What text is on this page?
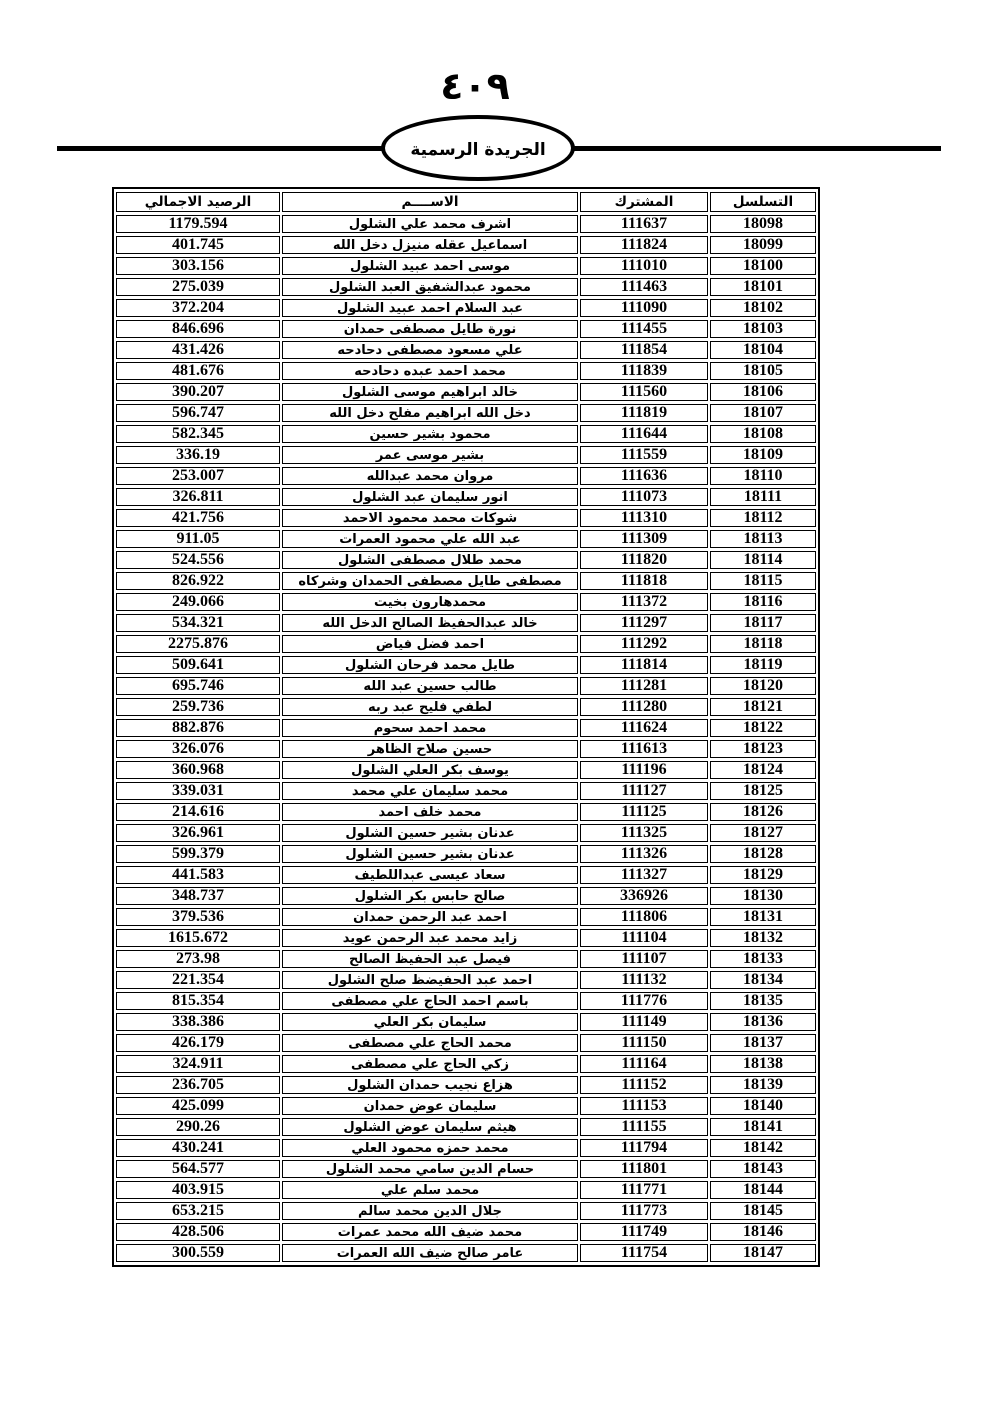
٤٠٩
الجريدة الرسمية
التسلسل	المشترك	الاســــم	الرصيد الاجمالي
18098	111637	اشرف محمد علي الشلول	1179.594
18099	111824	اسماعيل عقله منيزل دخل الله	401.745
18100	111010	موسى احمد عبيد الشلول	303.156
18101	111463	محمود عبدالشفيق العبد الشلول	275.039
18102	111090	عبد السلام احمد عبيد الشلول	372.204
18103	111455	نورة طايل مصطفى حمدان	846.696
18104	111854	علي مسعود مصطفى دحادحه	431.426
18105	111839	محمد احمد عبده دحادحه	481.676
18106	111560	خالد ابراهيم موسى الشلول	390.207
18107	111819	دخل الله ابراهيم مفلح دخل الله	596.747
18108	111644	محمود بشير حسين	582.345
18109	111559	بشير موسى عمر	336.19
18110	111636	مروان محمد عبدالله	253.007
18111	111073	انور سليمان عبد الشلول	326.811
18112	111310	شوكات محمد محمود الاحمد	421.756
18113	111309	عبد الله علي محمود العمرات	911.05
18114	111820	محمد طلال مصطفى الشلول	524.556
18115	111818	مصطفى طايل مصطفى الحمدان وشركاه	826.922
18116	111372	محمدهارون بخيت	249.066
18117	111297	خالد عبدالحفيظ الصالح الدخل الله	534.321
18118	111292	احمد فضل فياض	2275.876
18119	111814	طايل محمد فرحان الشلول	509.641
18120	111281	طالب حسين عبد الله	695.746
18121	111280	لطفي فليح عبد ربه	259.736
18122	111624	محمد احمد سحوم	882.876
18123	111613	حسين صلاح الظاهر	326.076
18124	111196	يوسف بكر العلي الشلول	360.968
18125	111127	محمد سليمان علي محمد	339.031
18126	111125	محمد خلف احمد	214.616
18127	111325	عدنان بشير حسين الشلول	326.961
18128	111326	عدنان بشير حسين الشلول	599.379
18129	111327	سعاد عيسى عبداللطيف	441.583
18130	336926	صالح حابس بكر الشلول	348.737
18131	111806	احمد عبد الرحمن حمدان	379.536
18132	111104	زايد محمد عبد الرحمن عويد	1615.672
18133	111107	فيصل عبد الحفيظ الصالح	273.98
18134	111132	احمد عبد الحفيضظ صلح الشلول	221.354
18135	111776	باسم احمد الحاج علي مصطفى	815.354
18136	111149	سليمان بكر العلي	338.386
18137	111150	محمد الحاج علي مصطفى	426.179
18138	111164	زكي الحاج علي مصطفى	324.911
18139	111152	هزاع نجيب حمدان الشلول	236.705
18140	111153	سليمان عوض حمدان	425.099
18141	111155	هيثم سليمان عوض الشلول	290.26
18142	111794	محمد حمزه محمود العلي	430.241
18143	111801	حسام الدين سامي محمد الشلول	564.577
18144	111771	محمد سلم علي	403.915
18145	111773	جلال الدين محمد سالم	653.215
18146	111749	محمد ضيف الله محمد عمرات	428.506
18147	111754	عامر صالح ضيف الله العمرات	300.559
